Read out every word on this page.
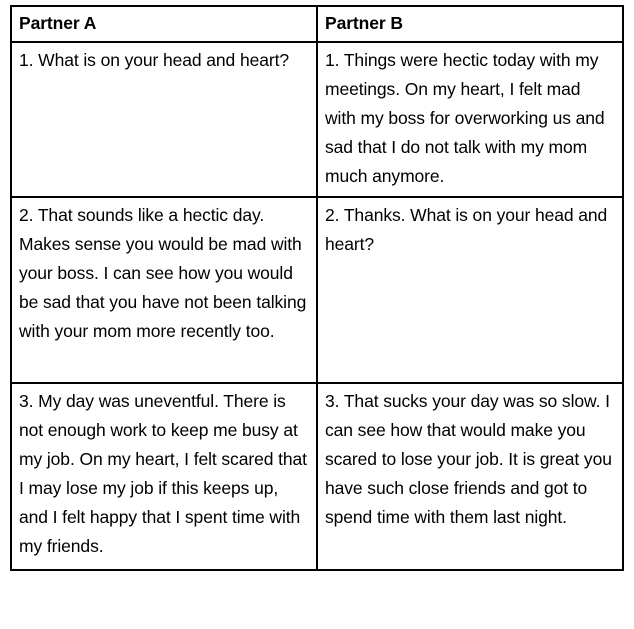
Partner A	Partner B

1. What is on your head and heart?	1. Things were hectic today with my meetings. On my heart, I felt mad with my boss for overworking us and sad that I do not talk with my mom much anymore.

2. That sounds like a hectic day. Makes sense you would be mad with your boss. I can see how you would be sad that you have not been talking with your mom more recently too.	2. Thanks. What is on your head and heart?

3. My day was uneventful. There is not enough work to keep me busy at my job. On my heart, I felt scared that I may lose my job if this keeps up, and I felt happy that I spent time with my friends.	3. That sucks your day was so slow. I can see how that would make you scared to lose your job. It is great you have such close friends and got to spend time with them last night.
